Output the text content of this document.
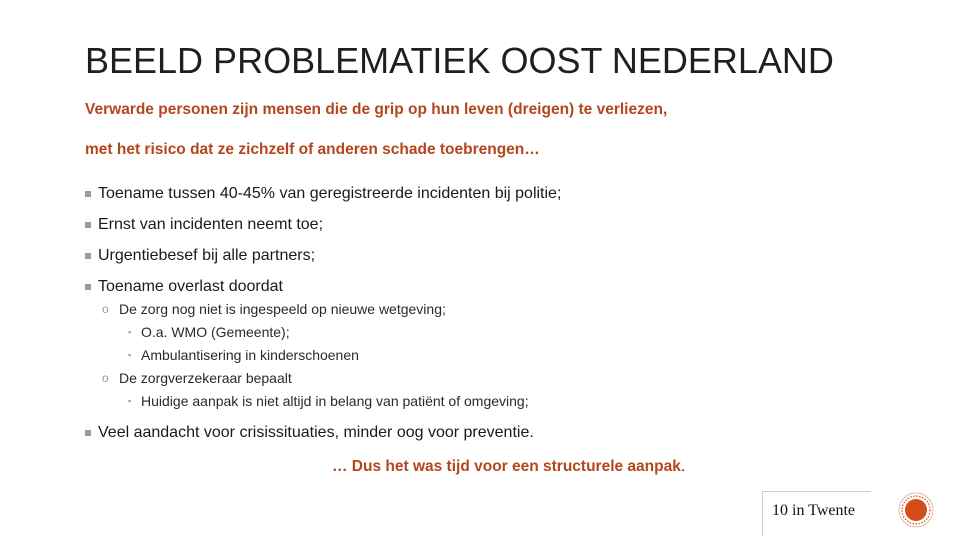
BEELD PROBLEMATIEK OOST NEDERLAND
Verwarde personen zijn mensen die de grip op hun leven (dreigen) te verliezen,
met het risico dat ze zichzelf of anderen schade toebrengen…
Toename tussen 40-45% van geregistreerde incidenten bij politie;
Ernst van incidenten neemt toe;
Urgentiebesef bij alle partners;
Toename overlast doordat
o De zorg nog niet is ingespeeld op nieuwe wetgeving;
▪ O.a. WMO (Gemeente);
▪ Ambulantisering in kinderschoenen
o De zorgverzekeraar bepaalt
▪ Huidige aanpak is niet altijd in belang van patiënt of omgeving;
Veel aandacht voor crisissituaties, minder oog voor preventie.
… Dus het was tijd voor een structurele aanpak.
10 in Twente
